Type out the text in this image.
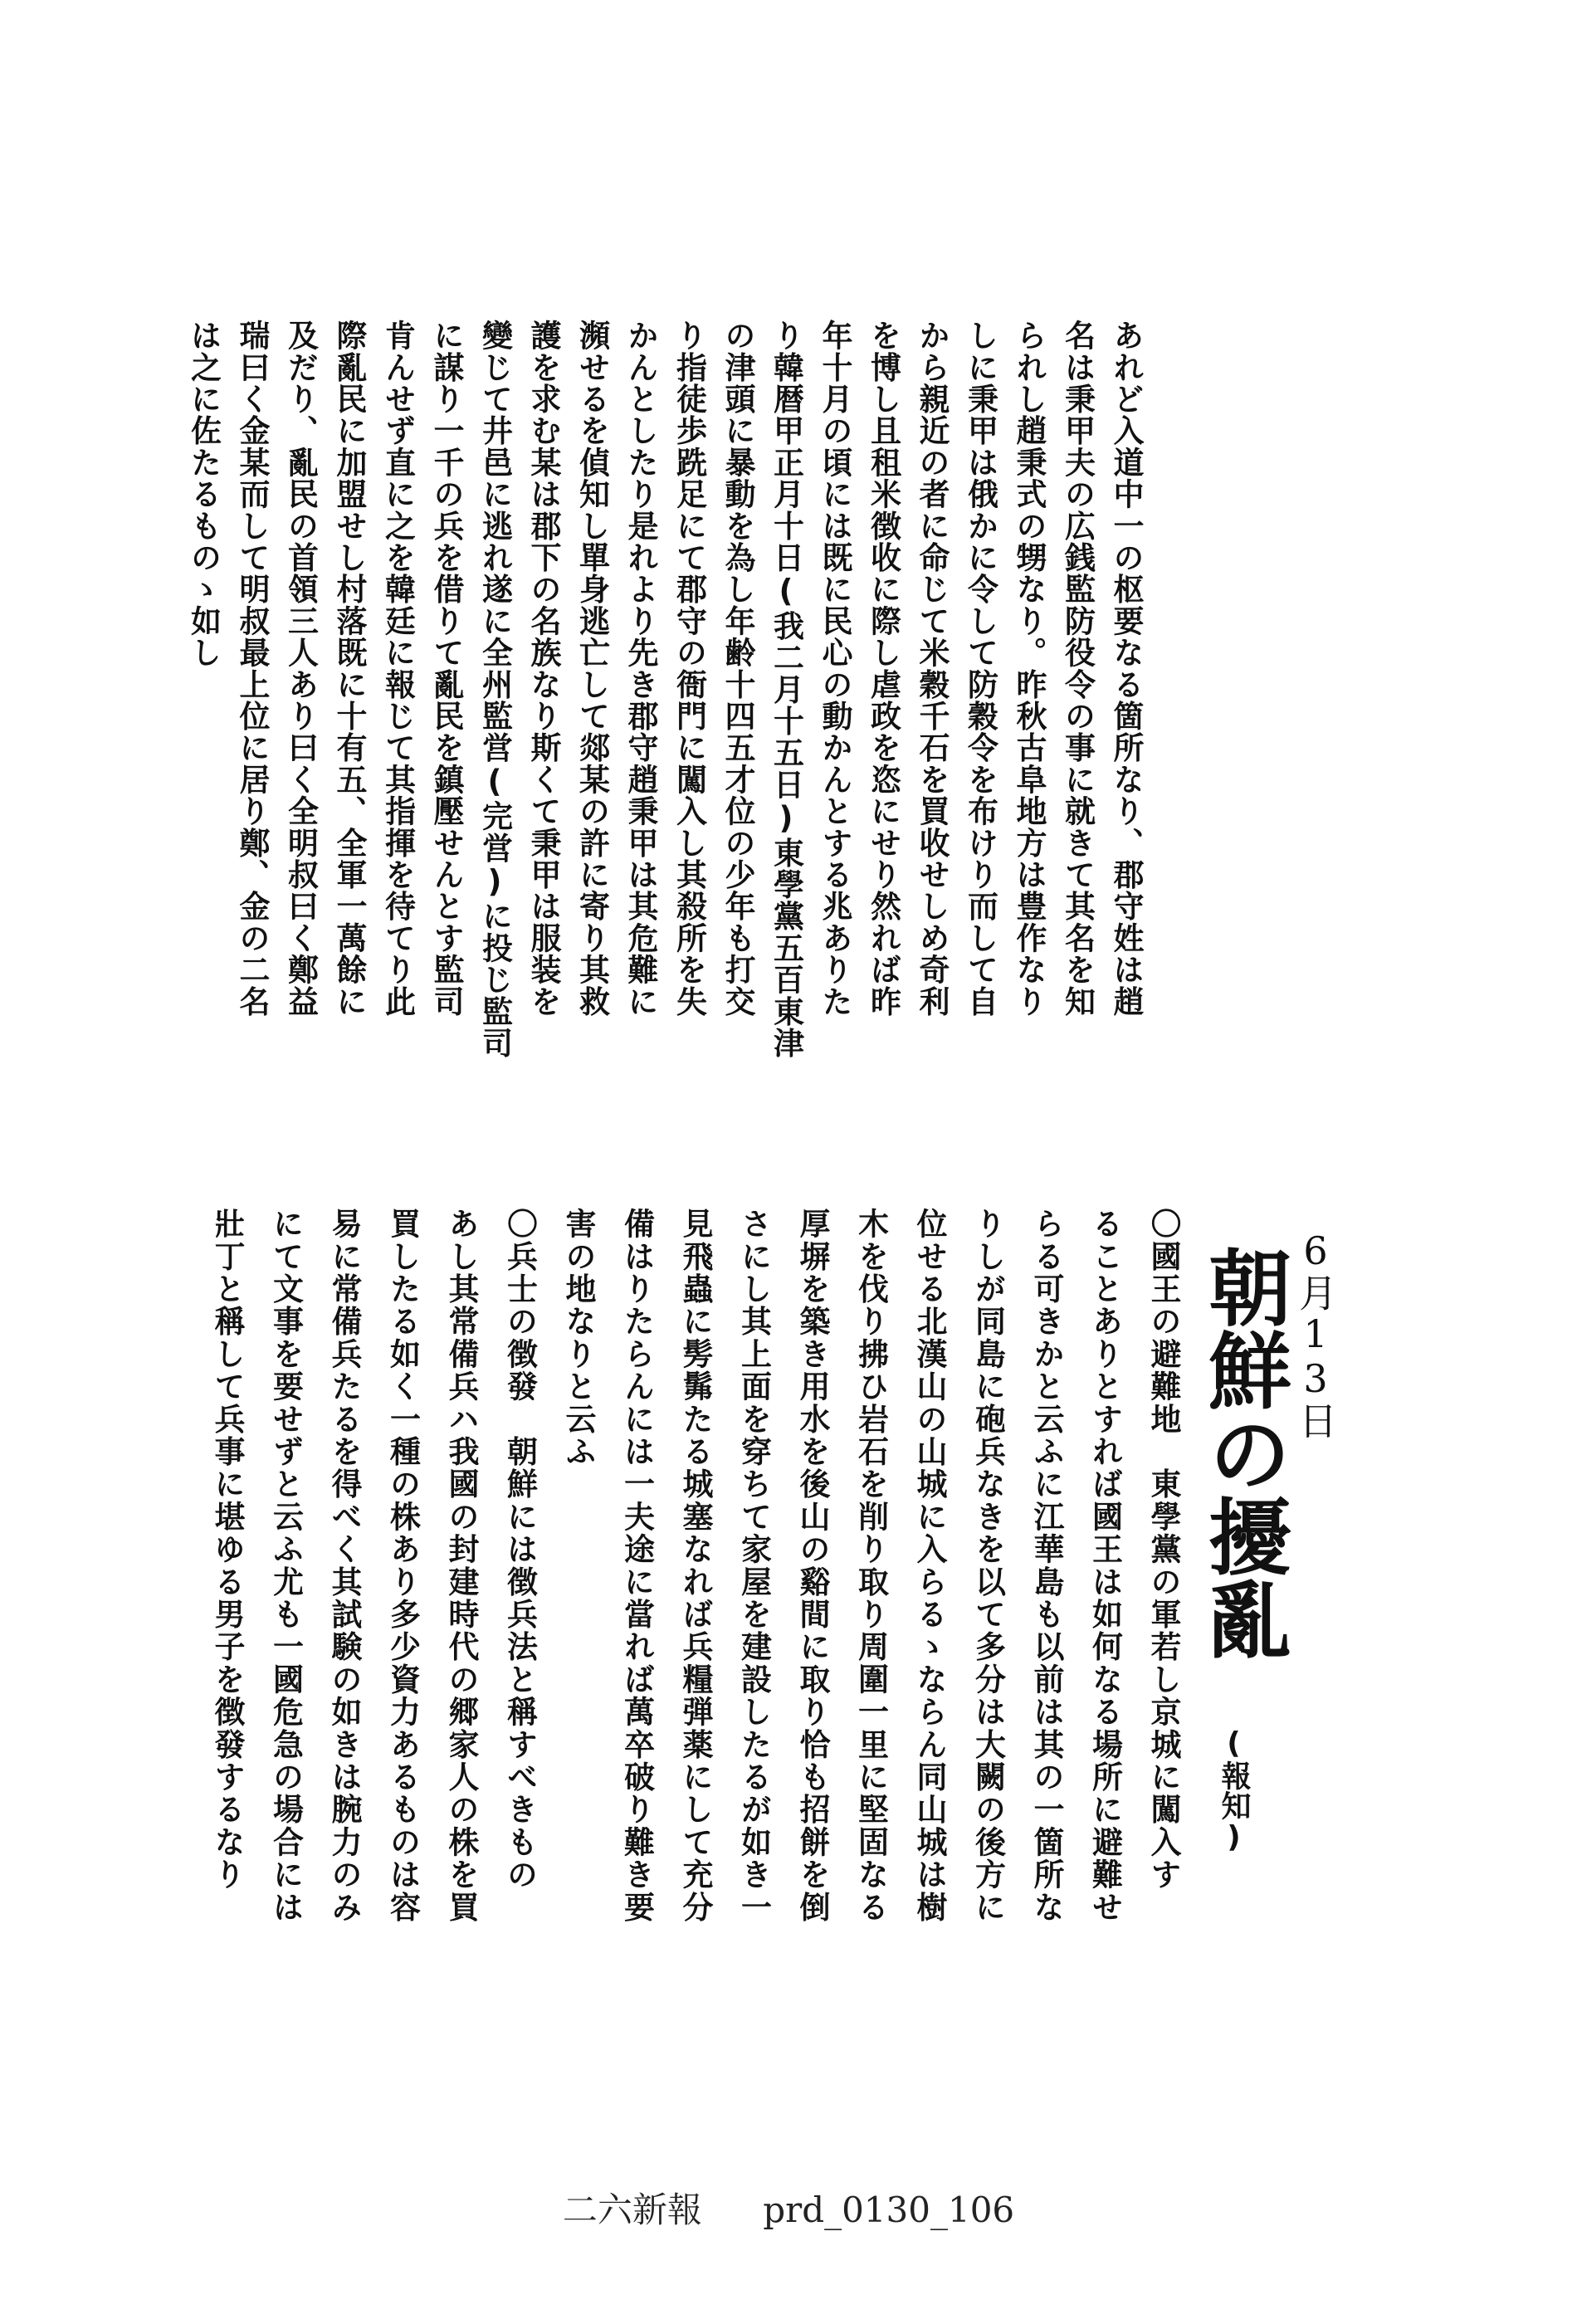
あれど入道中一の枢要なる箇所なり、郡守姓は趙
名は秉甲夫の広銭監防役令の事に就きて其名を知
られし趙秉式の甥なり。昨秋古阜地方は豊作なり
しに秉甲は俄かに令して防穀令を布けり而して自
から親近の者に命じて米穀千石を買收せしめ奇利
を博し且租米徴收に際し虐政を恣にせり然れば昨
年十月の頃には既に民心の動かんとする兆ありた
り韓暦甲正月十日(我二月十五日)東學黨五百東津
の津頭に暴動を為し年齢十四五才位の少年も打交
り指徒歩跣足にて郡守の衙門に闖入し其殺所を失
かんとしたり是れより先き郡守趙秉甲は其危難に
瀕せるを偵知し單身逃亡して郯某の許に寄り其救
護を求む某は郡下の名族なり斯くて秉甲は服装を
變じて井邑に逃れ遂に全州監営(完営)に投じ監司
に謀り一千の兵を借りて亂民を鎮壓せんとす監司
肯んせず直に之を韓廷に報じて其指揮を待てり此
際亂民に加盟せし村落既に十有五、全軍一萬餘に
及だり、亂民の首領三人あり曰く全明叔曰く鄭益
瑞曰く金某而して明叔最上位に居り鄭、金の二名
は之に佐たるものゝ如し
6月13日
朝鮮の擾亂
(報知)
〇國王の避難地　東學黨の軍若し京城に闖入す
ることありとすれば國王は如何なる場所に避難せ
らる可きかと云ふに江華島も以前は其の一箇所な
りしが同島に砲兵なきを以て多分は大闕の後方に
位せる北漢山の山城に入らるゝならん同山城は樹
木を伐り拂ひ岩石を削り取り周圍一里に堅固なる
厚塀を築き用水を後山の谿間に取り恰も招餅を倒
さにし其上面を穿ちて家屋を建設したるが如き一
見飛蟲に髣髴たる城塞なれば兵糧弾薬にして充分
備はりたらんには一夫途に當れば萬卒破り難き要
害の地なりと云ふ
〇兵士の徴發　朝鮮には徴兵法と稱すべきもの
あし其常備兵ハ我國の封建時代の郷家人の株を買
買したる如く一種の株あり多少資力あるものは容
易に常備兵たるを得べく其試験の如きは腕力のみ
にて文事を要せずと云ふ尤も一國危急の場合には
壯丁と稱して兵事に堪ゆる男子を徴發するなり
二六新報 prd_0130_106
